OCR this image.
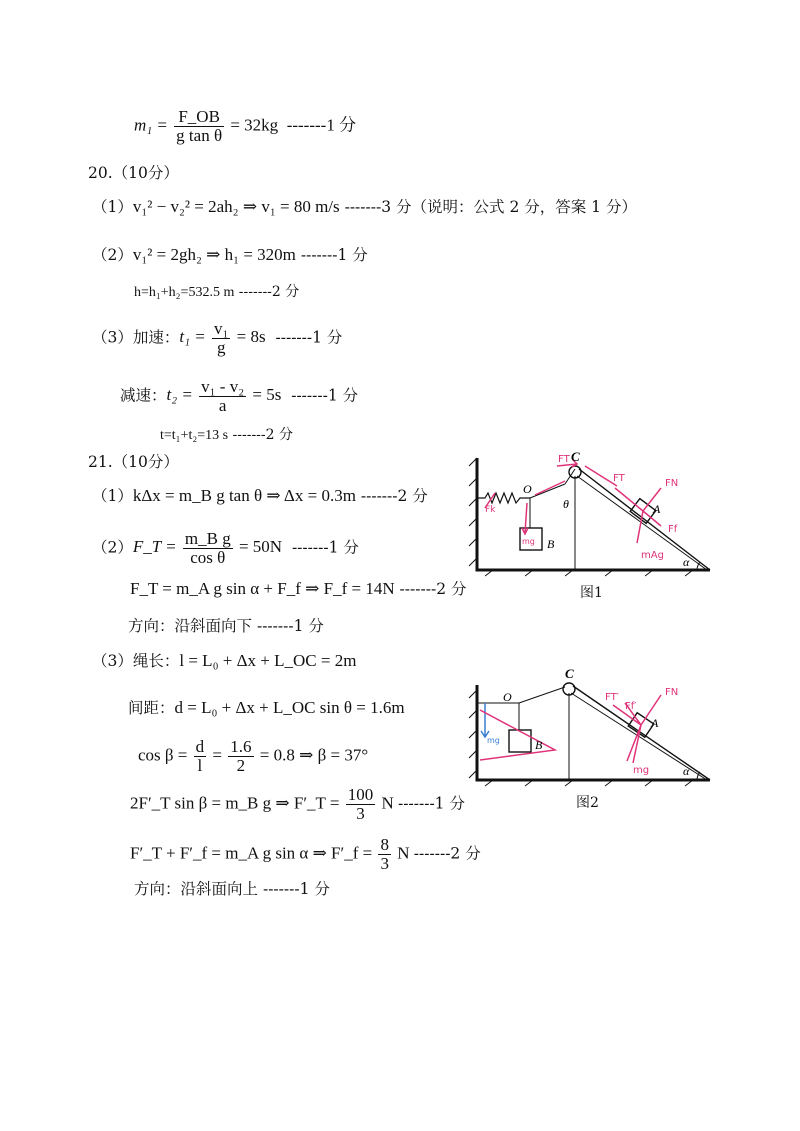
$m_1 = \frac{F\_OB}{\text{g tan θ}} = 32kg$ -------1 分
20.（10分）
（1）v₁² − v₂² = 2ah₂ ⇒ v₁ = 80 m/s -------3 分（说明：公式 2 分，答案 1 分）
（2）v₁² = 2gh₂ ⇒ h₁ = 320m -------1 分
h=h₁+h₂=532.5 m -------2 分
（3）加速：$t_1 = \frac{\text{v₁}}{g} = 8s$ -------1 分
减速：$t_2 = \frac{\text{v₁ - v₂}}{a} = 5s$ -------1 分
t=t₁+t₂=13 s -------2 分
21.（10分）
（1）kΔx = m_B g tan θ ⇒ Δx = 0.3m -------2 分
（2）F_T = $\frac{\text{m\_B g}}{\text{cos θ}} = 50N$ -------1 分
F_T = m_A g sin α + F_f ⇒ F_f = 14N -------2 分
方向：沿斜面向下 -------1 分
（3）绳长：l = L₀ + Δx + L_OC = 2m
间距：d = L₀ + Δx + L_OC sin θ = 1.6m
$\cos \beta = \frac{d}{l} = \frac{1.6}{2} = 0.8$ ⇒ β = 37°
2F′_T sin β = m_B g ⇒ F′_T = $\frac{100}{3}$ N -------1 分
F′_T + F′_f = m_A g sin α ⇒ F′_f = $\frac{8}{3}$ N -------2 分
方向：沿斜面向上 -------1 分
FT
FT	FN
Ff
mAg
mg
Fk
C
O
B
A
θ
α
图1
mg
FT′
Ff′
FN
mg
C
O
B
A
α
图2
